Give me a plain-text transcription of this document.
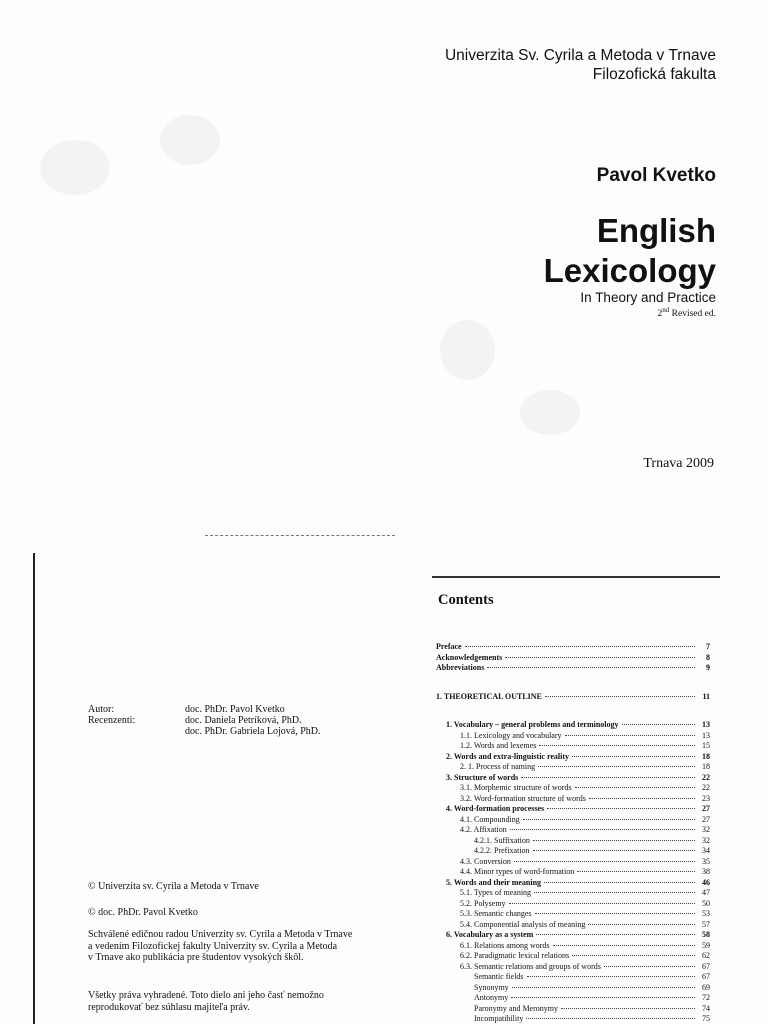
Univerzita Sv. Cyrila a Metoda v Trnave
Filozofická fakulta
Pavol Kvetko
English
Lexicology
In Theory and Practice
2nd Revised ed.
Trnava 2009
Autor:	doc. PhDr. Pavol Kvetko
Recenzenti:	doc. Daniela Petríková, PhD.
doc. PhDr. Gabriela Lojová, PhD.
© Univerzita sv. Cyrila a Metoda v Trnave
© doc. PhDr. Pavol Kvetko
Schválené edičnou radou Univerzity sv. Cyrila a Metoda v Trnave
a vedením Filozofickej fakulty Univerzity sv. Cyrila a Metoda
v Trnave ako publikácia pre študentov vysokých škôl.
Všetky práva vyhradené. Toto dielo ani jeho časť nemožno
reprodukovať bez súhlasu majiteľa práv.
Contents
Preface	7
Acknowledgements	8
Abbreviations	9
1. THEORETICAL OUTLINE	11
1. Vocabulary – general problems and terminology	13
1.1. Lexicology and vocabulary	13
1.2. Words and lexemes	15
2. Words and extra-linguistic reality	18
2. 1. Process of naming	18
3. Structure of words	22
3.1. Morphemic structure of words	22
3.2. Word-formation structure of words	23
4. Word-formation processes	27
4.1. Compounding	27
4.2. Affixation	32
4.2.1. Suffixation	32
4.2.2. Prefixation	34
4.3. Conversion	35
4.4. Minor types of word-formation	38
5. Words and their meaning	46
5.1. Types of meaning	47
5.2. Polysemy	50
5.3. Semantic changes	53
5.4. Componential analysis of meaning	57
6. Vocabulary as a system	58
6.1. Relations among words	59
6.2. Paradigmatic lexical relations	62
6.3. Semantic relations and groups of words	67
Semantic fields	67
Synonymy	69
Antonymy	72
Paronymy and Meronymy	74
Incompatibility	75
